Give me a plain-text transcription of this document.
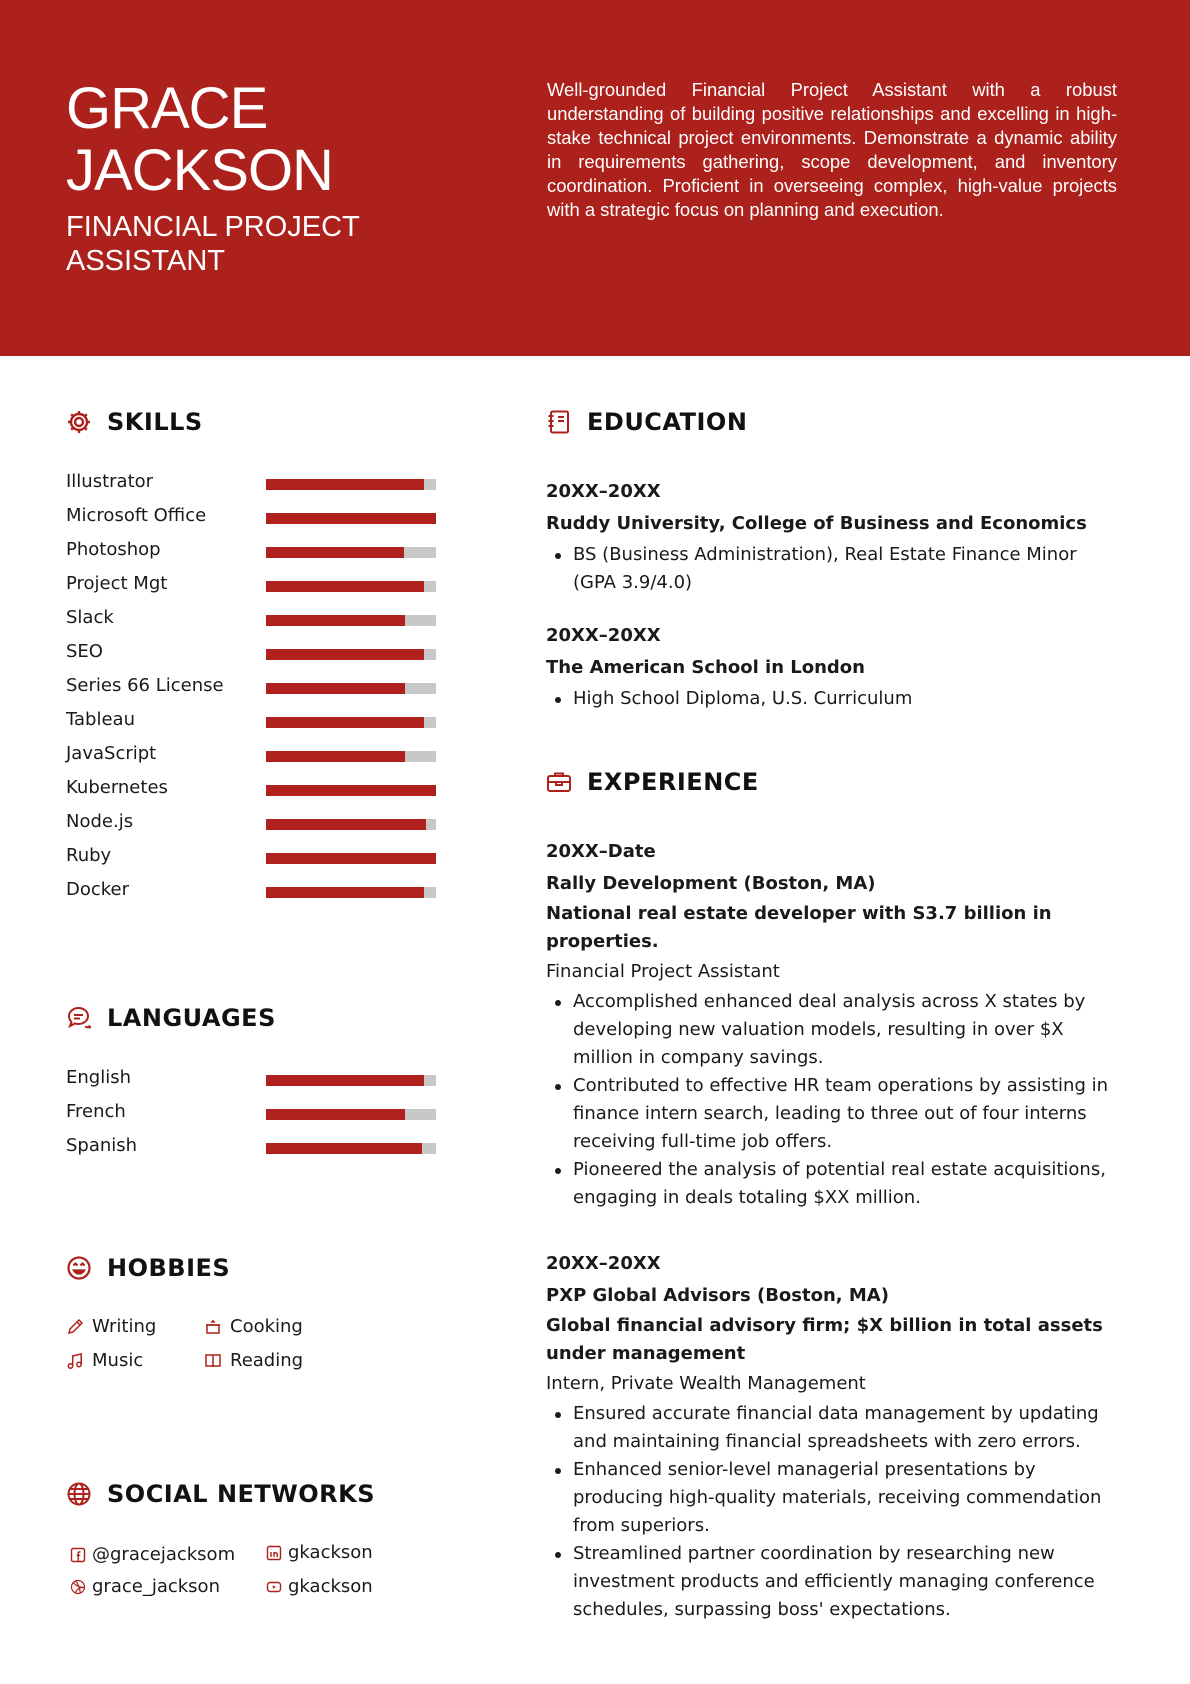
GRACE
JACKSON
FINANCIAL PROJECT ASSISTANT
Well-grounded Financial Project Assistant with a robust understanding of building positive relationships and excelling in high-stake technical project environments. Demonstrate a dynamic ability in requirements gathering, scope development, and inventory coordination. Proficient in overseeing complex, high-value projects with a strategic focus on planning and execution.
SKILLS
Illustrator
Microsoft Office
Photoshop
Project Mgt
Slack
SEO
Series 66 License
Tableau
JavaScript
Kubernetes
Node.js
Ruby
Docker
LANGUAGES
English
French
Spanish
HOBBIES
Writing	Cooking
Music	Reading
SOCIAL NETWORKS
@gracejacksom	gkackson
grace_jackson	gkackson
EDUCATION
20XX–20XX
Ruddy University, College of Business and Economics
BS (Business Administration), Real Estate Finance Minor (GPA 3.9/4.0)
20XX–20XX
The American School in London
High School Diploma, U.S. Curriculum
EXPERIENCE
20XX–Date
Rally Development (Boston, MA)
National real estate developer with S3.7 billion in properties.
Financial Project Assistant
Accomplished enhanced deal analysis across X states by developing new valuation models, resulting in over $X million in company savings.
Contributed to effective HR team operations by assisting in finance intern search, leading to three out of four interns receiving full-time job offers.
Pioneered the analysis of potential real estate acquisitions, engaging in deals totaling $XX million.
20XX–20XX
PXP Global Advisors (Boston, MA)
Global financial advisory firm; $X billion in total assets under management
Intern, Private Wealth Management
Ensured accurate financial data management by updating and maintaining financial spreadsheets with zero errors.
Enhanced senior-level managerial presentations by producing high-quality materials, receiving commendation from superiors.
Streamlined partner coordination by researching new investment products and efficiently managing conference schedules, surpassing boss' expectations.
